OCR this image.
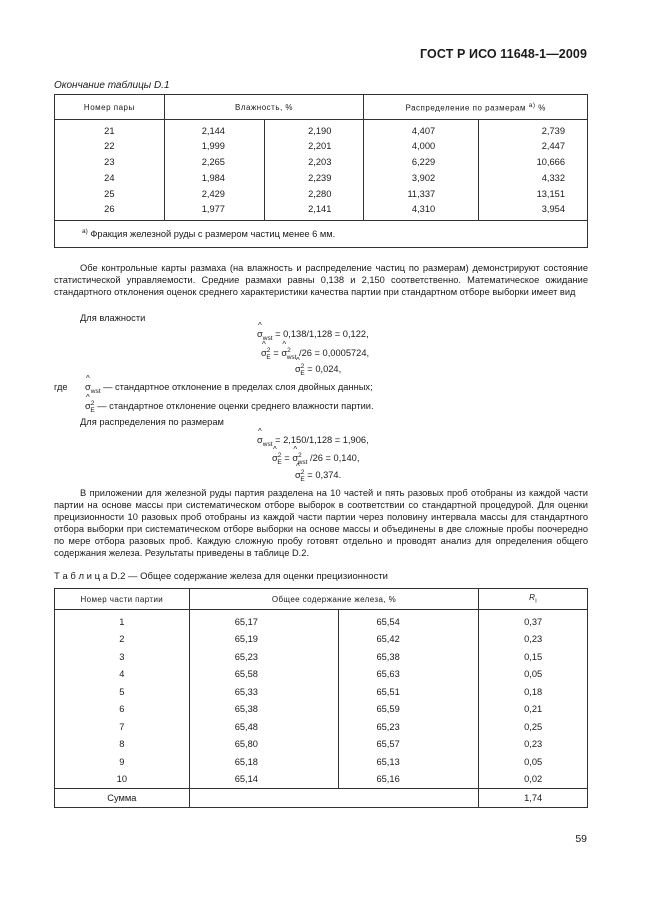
ГОСТ Р ИСО 11648-1—2009
Окончание таблицы D.1
Номер пары	Влажность, %		Распределение по размерам $^{а)}$ %	
21	2,144	2,190	4,407	2,739
22	1,999	2,201	4,000	2,447
23	2,265	2,203	6,229	10,666
24	1,984	2,239	3,902	4,332
25	2,429	2,280	11,337	13,151
26	1,977	2,141	4,310	3,954
$^{а)}$ Фракция железной руды с размером частиц менее 6 мм.				

Обе контрольные карты размаха (на влажность и распределение частиц по размерам) демонстрируют состояние статистической управляемости. Средние размахи равны 0,138 и 2,150 соответственно. Математическое ожидание стандартного отклонения оценок среднего характеристики качества партии при стандартном отборе выборки имеет вид

Для влажности
^ $\sigma_{wst} = 0,138/1,128 = 0,122$,
^ $\sigma^2_E$ = ^ $\sigma^2_{wst}$ /26 = 0,0005724,
^ $\sigma^2_E = 0,024$,
где ^ $\sigma_{wst}$ — стандартное отклонение в пределах слоя двойных данных;
^ $\sigma^2_E$ — стандартное отклонение оценки среднего влажности партии.
Для распределения по размерам
^ $\sigma_{wst} = 2,150/1,128 = 1,906$,
^ $\sigma^2_E$ = ^ $\sigma^2_{wst}$ /26 = 0,140,
^ $\sigma^2_E = 0,374$.

В приложении для железной руды партия разделена на 10 частей и пять разовых проб отобраны из каждой части партии на основе массы при систематическом отборе выборок в соответствии со стандартной процедурой. Для оценки прецизионности 10 разовых проб отобраны из каждой части партии через половину интервала массы для стандартного отбора выборки при систематическом отборе выборки на основе массы и объединены в две сложные пробы поочередно по мере отбора разовых проб. Каждую сложную пробу готовят отдельно и проводят анализ для определения общего содержания железа. Результаты приведены в таблице D.2.

Т а б л и ц а D.2 — Общее содержание железа для оценки прецизионности
Номер части партии	Общее содержание железа, %		$R_i$
1	65,17	65,54	0,37
2	65,19	65,42	0,23
3	65,23	65,38	0,15
4	65,58	65,63	0,05
5	65,33	65,51	0,18
6	65,38	65,59	0,21
7	65,48	65,23	0,25
8	65,80	65,57	0,23
9	65,18	65,13	0,05
10	65,14	65,16	0,02
Сумма			1,74
59
